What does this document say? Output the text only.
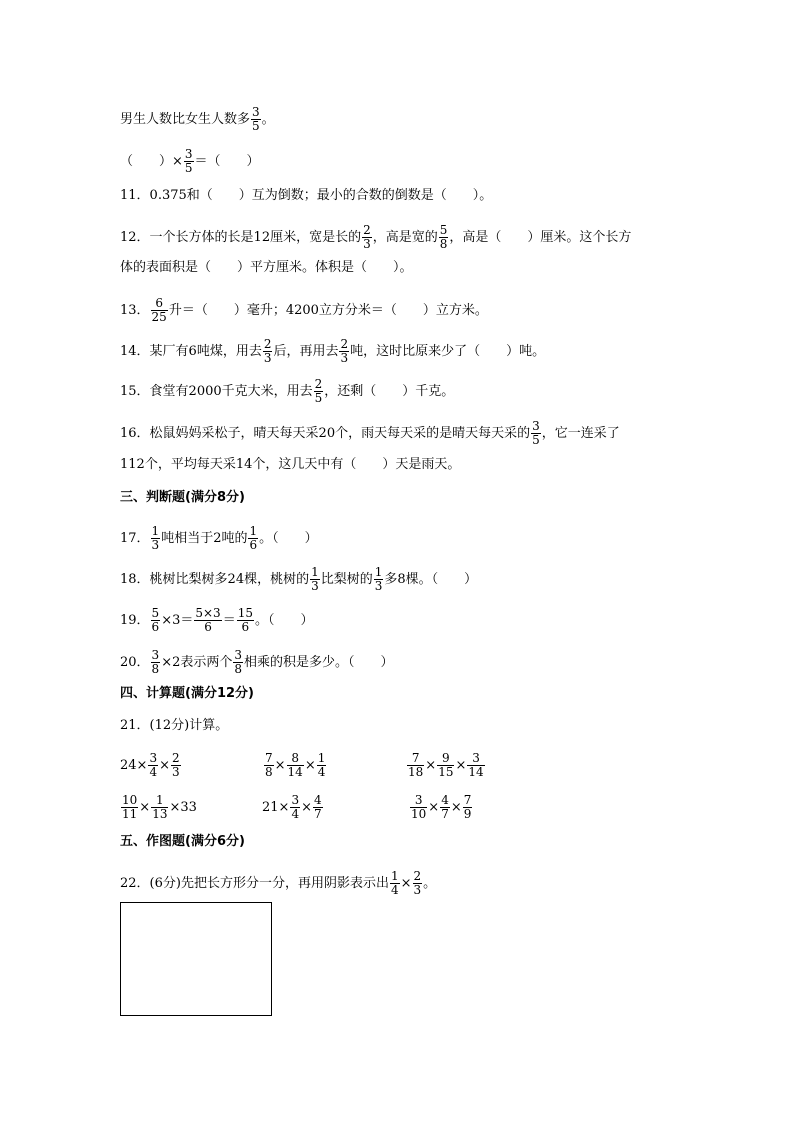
男生人数比女生人数多 $\frac{3}{5}$ 。
（　　）× $\frac{3}{5}$ ＝（　　）
11．0.375和（　　）互为倒数；最小的合数的倒数是（　　）。
12．一个长方体的长是12厘米，宽是长的 $\frac{2}{3}$ ，高是宽的 $\frac{5}{8}$ ，高是（　　）厘米。这个长方
体的表面积是（　　）平方厘米。体积是（　　）。
13． $\frac{6}{25}$ 升＝（　　）毫升；4200立方分米＝（　　）立方米。
14．某厂有6吨煤，用去 $\frac{2}{3}$ 后，再用去 $\frac{2}{3}$ 吨，这时比原来少了（　　）吨。
15．食堂有2000千克大米，用去 $\frac{2}{5}$ ，还剩（　　）千克。
16．松鼠妈妈采松子，晴天每天采20个，雨天每天采的是晴天每天采的 $\frac{3}{5}$ ，它一连采了
112个，平均每天采14个，这几天中有（　　）天是雨天。
三、判断题(满分8分)
17． $\frac{1}{3}$ 吨相当于2吨的 $\frac{1}{6}$ 。（　　）
18．桃树比梨树多24棵，桃树的 $\frac{1}{3}$ 比梨树的 $\frac{1}{3}$ 多8棵。（　　）
19． $\frac{5}{6} \times 3= \frac{5\times 3}{6} = \frac{15}{6}$ 。（　　）
20． $\frac{3}{8} \times 2$表示两个 $\frac{3}{8}$ 相乘的积是多少。（　　）
四、计算题(满分12分)
21．(12分)计算。
$24\times \frac{3}{4} \times \frac{2}{3}$	$\frac{7}{8} \times \frac{8}{14} \times \frac{1}{4}$	$\frac{7}{18} \times \frac{9}{15} \times \frac{3}{14}$
$\frac{10}{11} \times \frac{1}{13} \times 33$	$21\times \frac{3}{4} \times \frac{4}{7}$	$\frac{3}{10} \times \frac{4}{7} \times \frac{7}{9}$
五、作图题(满分6分)
22．(6分)先把长方形分一分，再用阴影表示出 $\frac{1}{4} \times \frac{2}{3}$ 。
